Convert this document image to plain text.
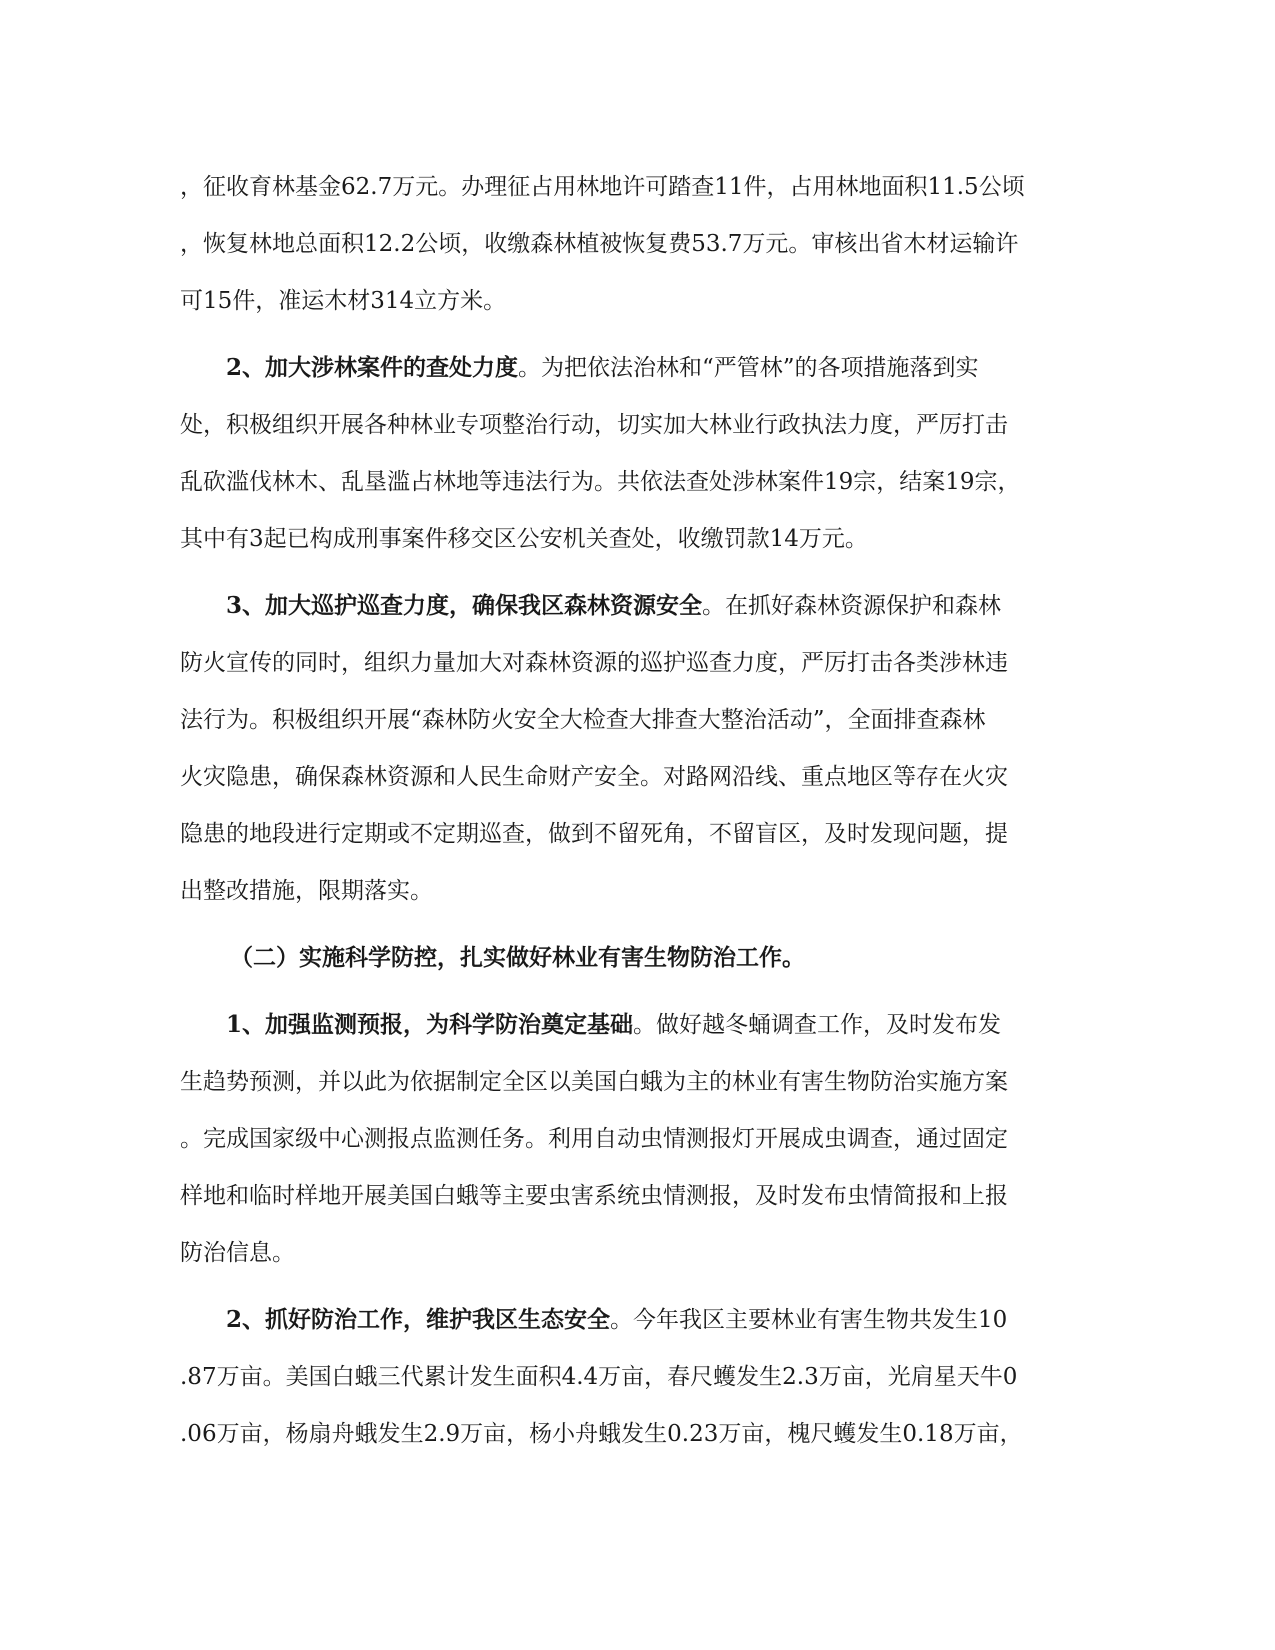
，征收育林基金62.7万元。办理征占用林地许可踏查11件，占用林地面积11.5公顷
，恢复林地总面积12.2公顷，收缴森林植被恢复费53.7万元。审核出省木材运输许
可15件，准运木材314立方米。
2、加大涉林案件的查处力度。为把依法治林和“严管林”的各项措施落到实
处，积极组织开展各种林业专项整治行动，切实加大林业行政执法力度，严厉打击
乱砍滥伐林木、乱垦滥占林地等违法行为。共依法查处涉林案件19宗，结案19宗，
其中有3起已构成刑事案件移交区公安机关查处，收缴罚款14万元。
3、加大巡护巡查力度，确保我区森林资源安全。在抓好森林资源保护和森林
防火宣传的同时，组织力量加大对森林资源的巡护巡查力度，严厉打击各类涉林违
法行为。积极组织开展“森林防火安全大检查大排查大整治活动”，全面排查森林
火灾隐患，确保森林资源和人民生命财产安全。对路网沿线、重点地区等存在火灾
隐患的地段进行定期或不定期巡查，做到不留死角，不留盲区，及时发现问题，提
出整改措施，限期落实。
（二）实施科学防控，扎实做好林业有害生物防治工作。
1、加强监测预报，为科学防治奠定基础。做好越冬蛹调查工作，及时发布发
生趋势预测，并以此为依据制定全区以美国白蛾为主的林业有害生物防治实施方案
。完成国家级中心测报点监测任务。利用自动虫情测报灯开展成虫调查，通过固定
样地和临时样地开展美国白蛾等主要虫害系统虫情测报，及时发布虫情简报和上报
防治信息。
2、抓好防治工作，维护我区生态安全。今年我区主要林业有害生物共发生10
.87万亩。美国白蛾三代累计发生面积4.4万亩，春尺蠖发生2.3万亩，光肩星天牛0
.06万亩，杨扇舟蛾发生2.9万亩，杨小舟蛾发生0.23万亩，槐尺蠖发生0.18万亩，
